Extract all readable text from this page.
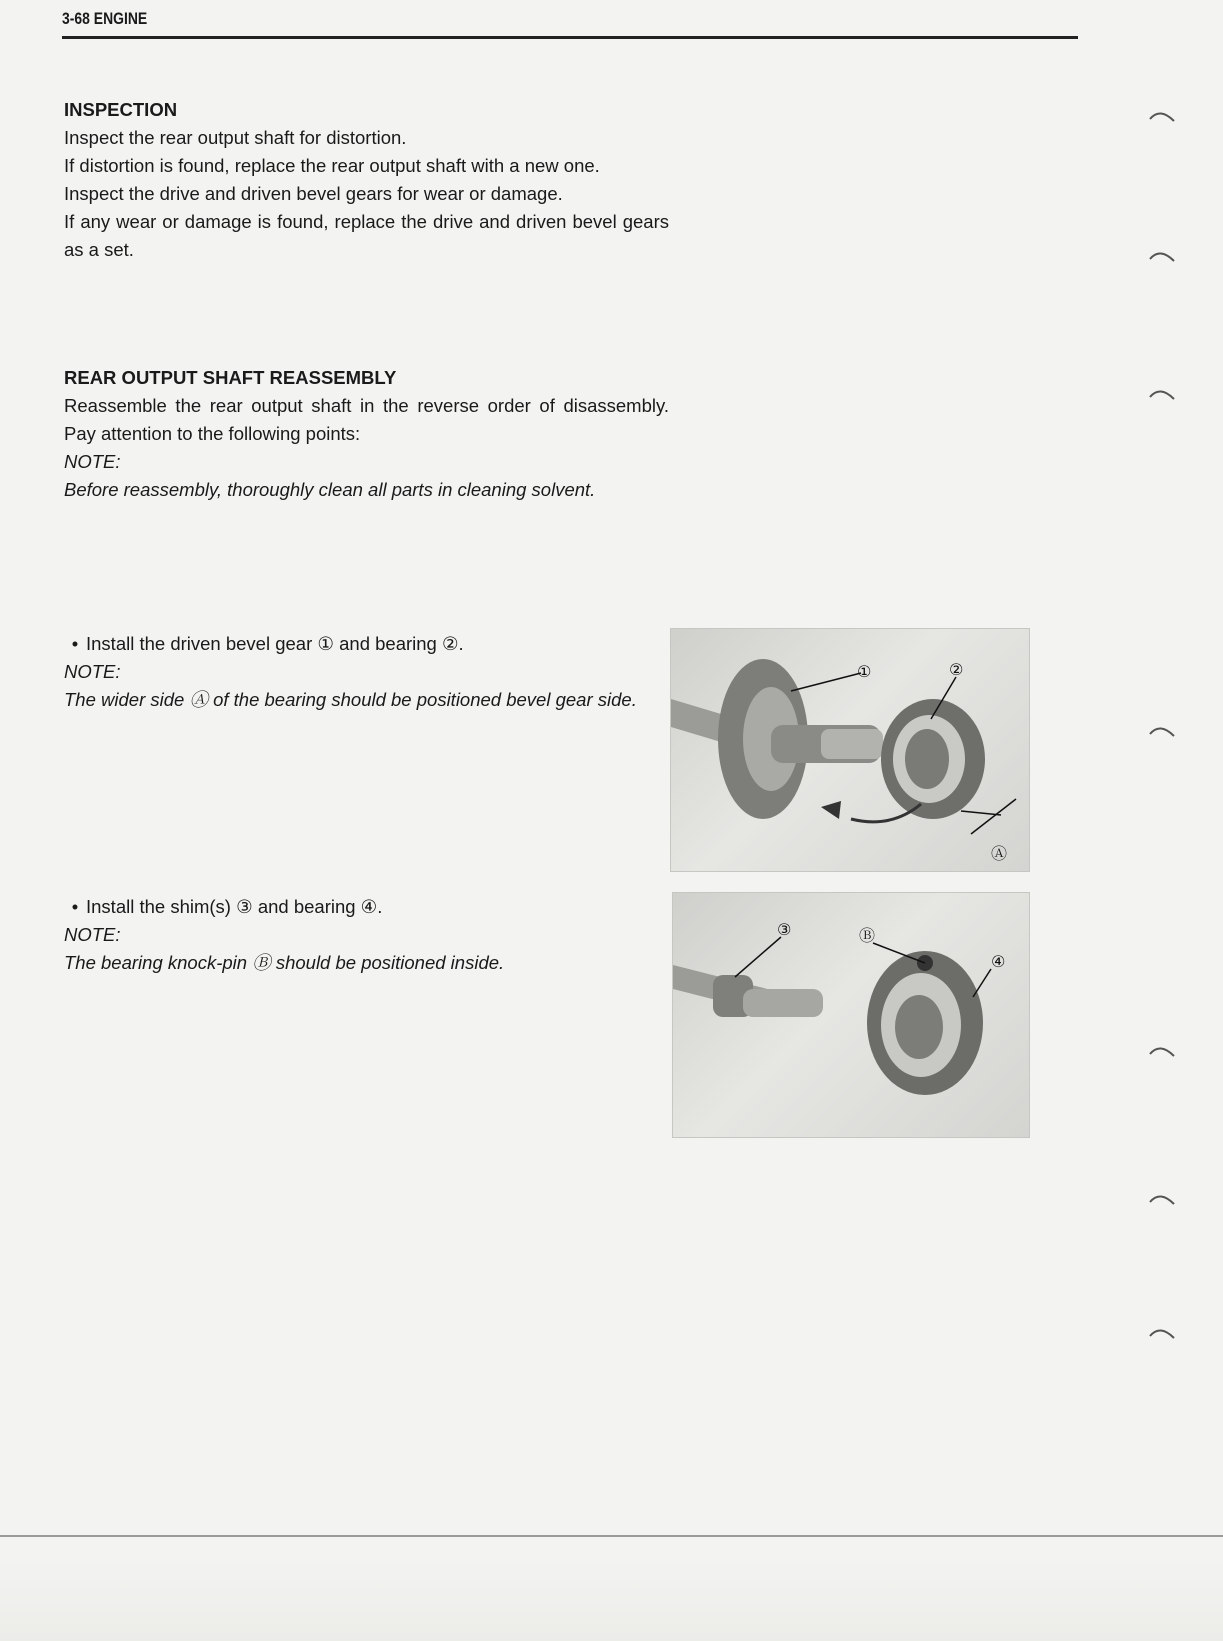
3-68 ENGINE
INSPECTION

Inspect the rear output shaft for distortion.

If distortion is found, replace the rear output shaft with a new one.

Inspect the drive and driven bevel gears for wear or damage.

If any wear or damage is found, replace the drive and driven bevel gears as a set.

REAR OUTPUT SHAFT REASSEMBLY

Reassemble the rear output shaft in the reverse order of disassembly. Pay attention to the following points:

NOTE:

Before reassembly, thoroughly clean all parts in cleaning solvent.

• Install the driven bevel gear ① and bearing ②.

NOTE:

The wider side Ⓐ of the bearing should be positioned bevel gear side.

①	②
Ⓐ
• Install the shim(s) ③ and bearing ④.

NOTE:

The bearing knock-pin Ⓑ should be positioned inside.

③	Ⓑ
④
